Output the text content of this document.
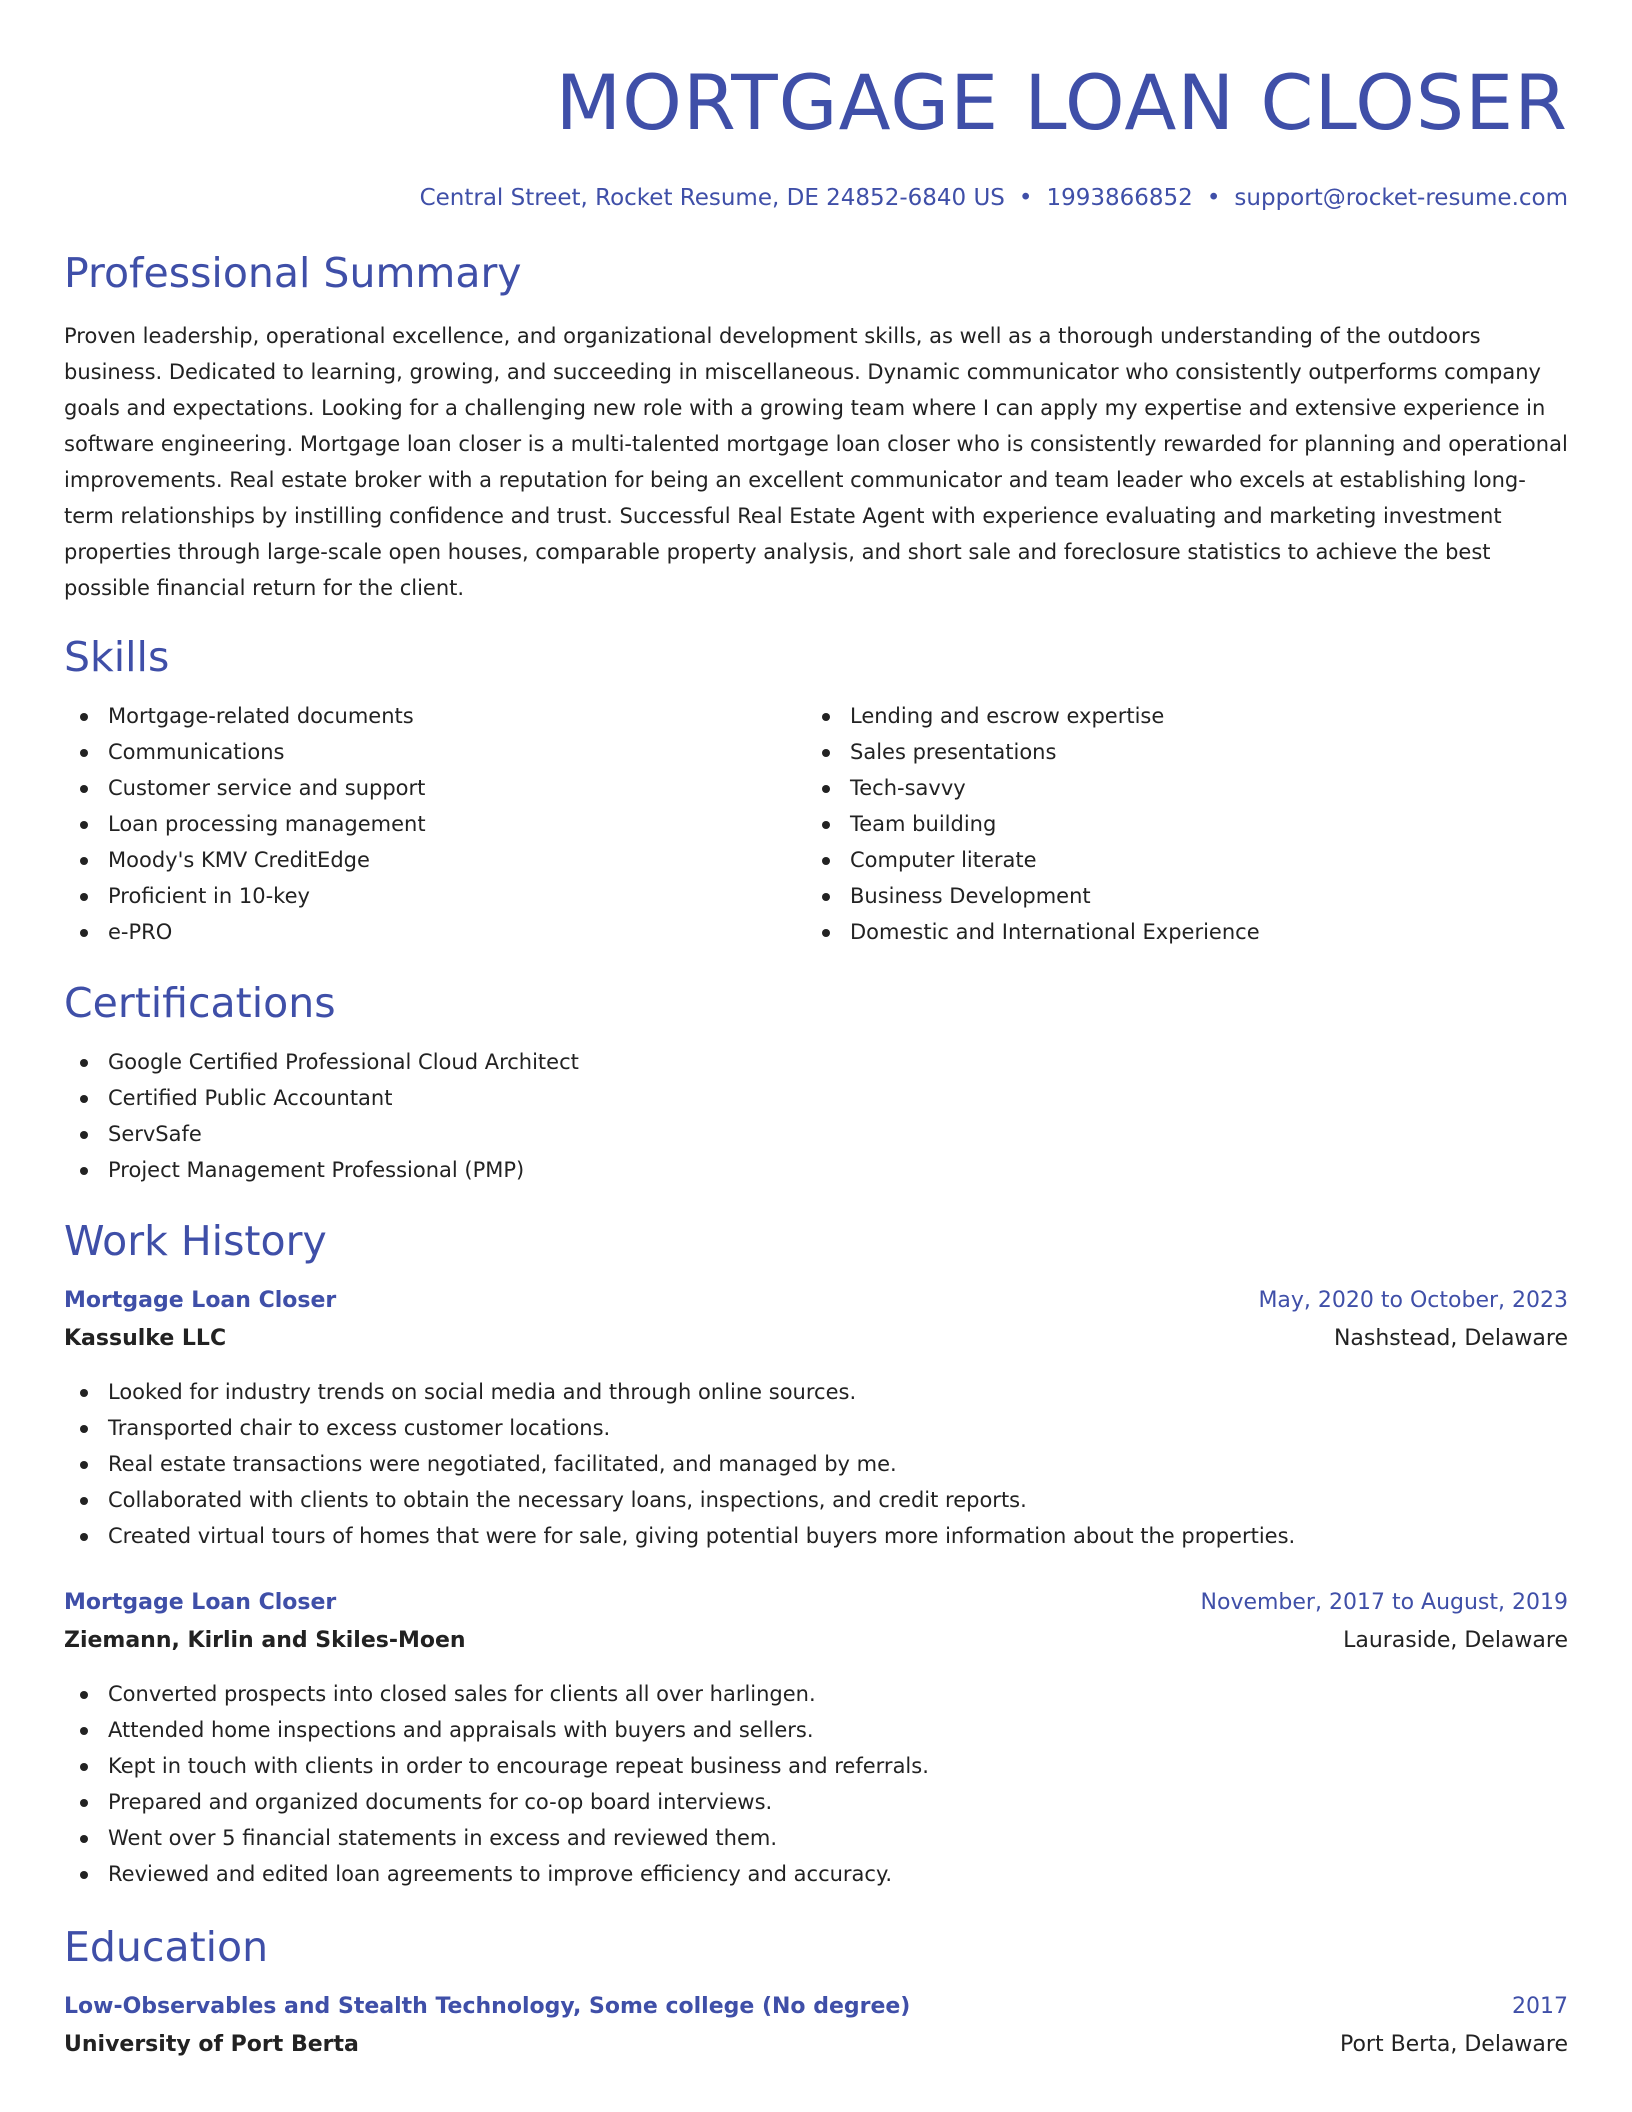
MORTGAGE LOAN CLOSER
Central Street, Rocket Resume, DE 24852-6840 US • 1993866852 • support@rocket-resume.com
Professional Summary

Proven leadership, operational excellence, and organizational development skills, as well as a thorough understanding of the outdoors business. Dedicated to learning, growing, and succeeding in miscellaneous. Dynamic communicator who consistently outperforms company goals and expectations. Looking for a challenging new role with a growing team where I can apply my expertise and extensive experience in software engineering. Mortgage loan closer is a multi-talented mortgage loan closer who is consistently rewarded for planning and operational improvements. Real estate broker with a reputation for being an excellent communicator and team leader who excels at establishing long-term relationships by instilling confidence and trust. Successful Real Estate Agent with experience evaluating and marketing investment properties through large-scale open houses, comparable property analysis, and short sale and foreclosure statistics to achieve the best possible financial return for the client.

Skills
Mortgage-related documents
Communications
Customer service and support
Loan processing management
Moody's KMV CreditEdge
Proficient in 10-key
e-PRO
Lending and escrow expertise
Sales presentations
Tech-savvy
Team building
Computer literate
Business Development
Domestic and International Experience
Certifications
Google Certified Professional Cloud Architect
Certified Public Accountant
ServSafe
Project Management Professional (PMP)
Work History
Mortgage Loan Closer	May, 2020 to October, 2023
Kassulke LLC	Nashstead, Delaware
Looked for industry trends on social media and through online sources.
Transported chair to excess customer locations.
Real estate transactions were negotiated, facilitated, and managed by me.
Collaborated with clients to obtain the necessary loans, inspections, and credit reports.
Created virtual tours of homes that were for sale, giving potential buyers more information about the properties.
Mortgage Loan Closer	November, 2017 to August, 2019
Ziemann, Kirlin and Skiles-Moen	Lauraside, Delaware
Converted prospects into closed sales for clients all over harlingen.
Attended home inspections and appraisals with buyers and sellers.
Kept in touch with clients in order to encourage repeat business and referrals.
Prepared and organized documents for co-op board interviews.
Went over 5 financial statements in excess and reviewed them.
Reviewed and edited loan agreements to improve efficiency and accuracy.
Education
Low-Observables and Stealth Technology, Some college (No degree)	2017
University of Port Berta	Port Berta, Delaware
